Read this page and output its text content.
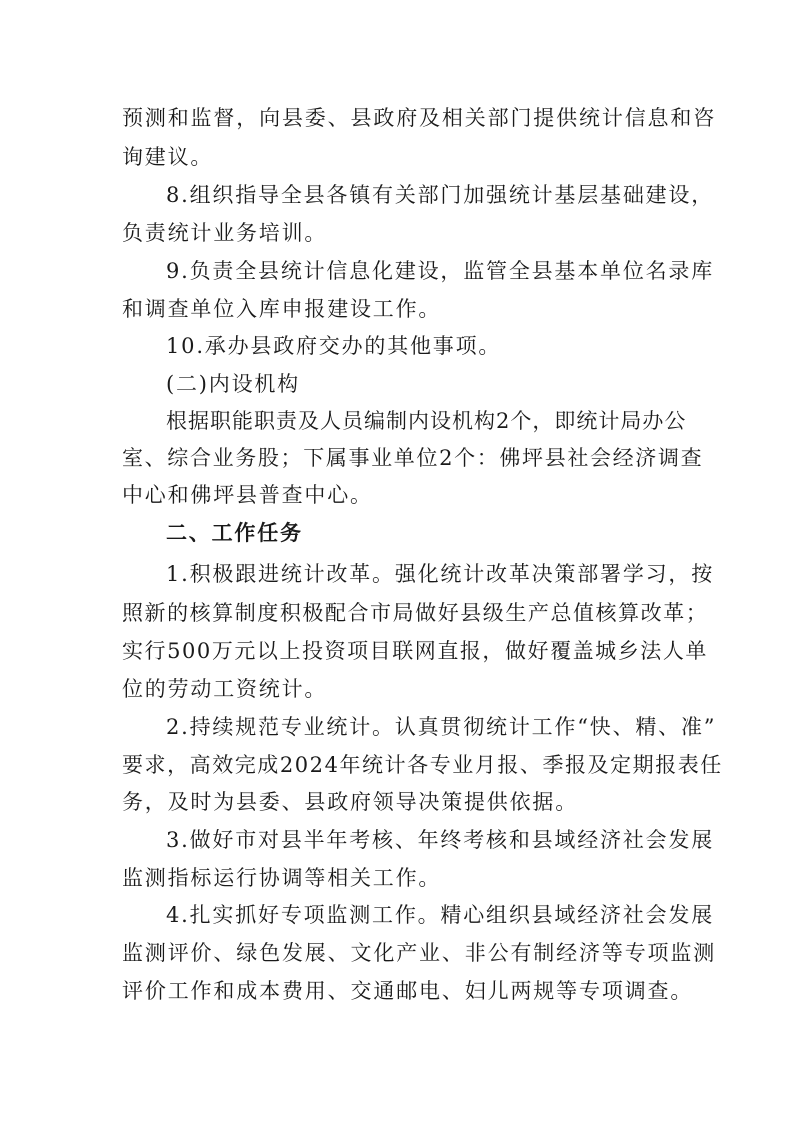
预测和监督，向县委、县政府及相关部门提供统计信息和咨
询建议。
8.组织指导全县各镇有关部门加强统计基层基础建设，
负责统计业务培训。
9.负责全县统计信息化建设，监管全县基本单位名录库
和调查单位入库申报建设工作。
10.承办县政府交办的其他事项。
(二)内设机构
根据职能职责及人员编制内设机构2个，即统计局办公
室、综合业务股；下属事业单位2个：佛坪县社会经济调查
中心和佛坪县普查中心。
二、工作任务
1.积极跟进统计改革。强化统计改革决策部署学习，按
照新的核算制度积极配合市局做好县级生产总值核算改革；
实行500万元以上投资项目联网直报，做好覆盖城乡法人单
位的劳动工资统计。
2.持续规范专业统计。认真贯彻统计工作“快、精、准”
要求，高效完成2024年统计各专业月报、季报及定期报表任
务，及时为县委、县政府领导决策提供依据。
3.做好市对县半年考核、年终考核和县域经济社会发展
监测指标运行协调等相关工作。
4.扎实抓好专项监测工作。精心组织县域经济社会发展
监测评价、绿色发展、文化产业、非公有制经济等专项监测
评价工作和成本费用、交通邮电、妇儿两规等专项调查。
